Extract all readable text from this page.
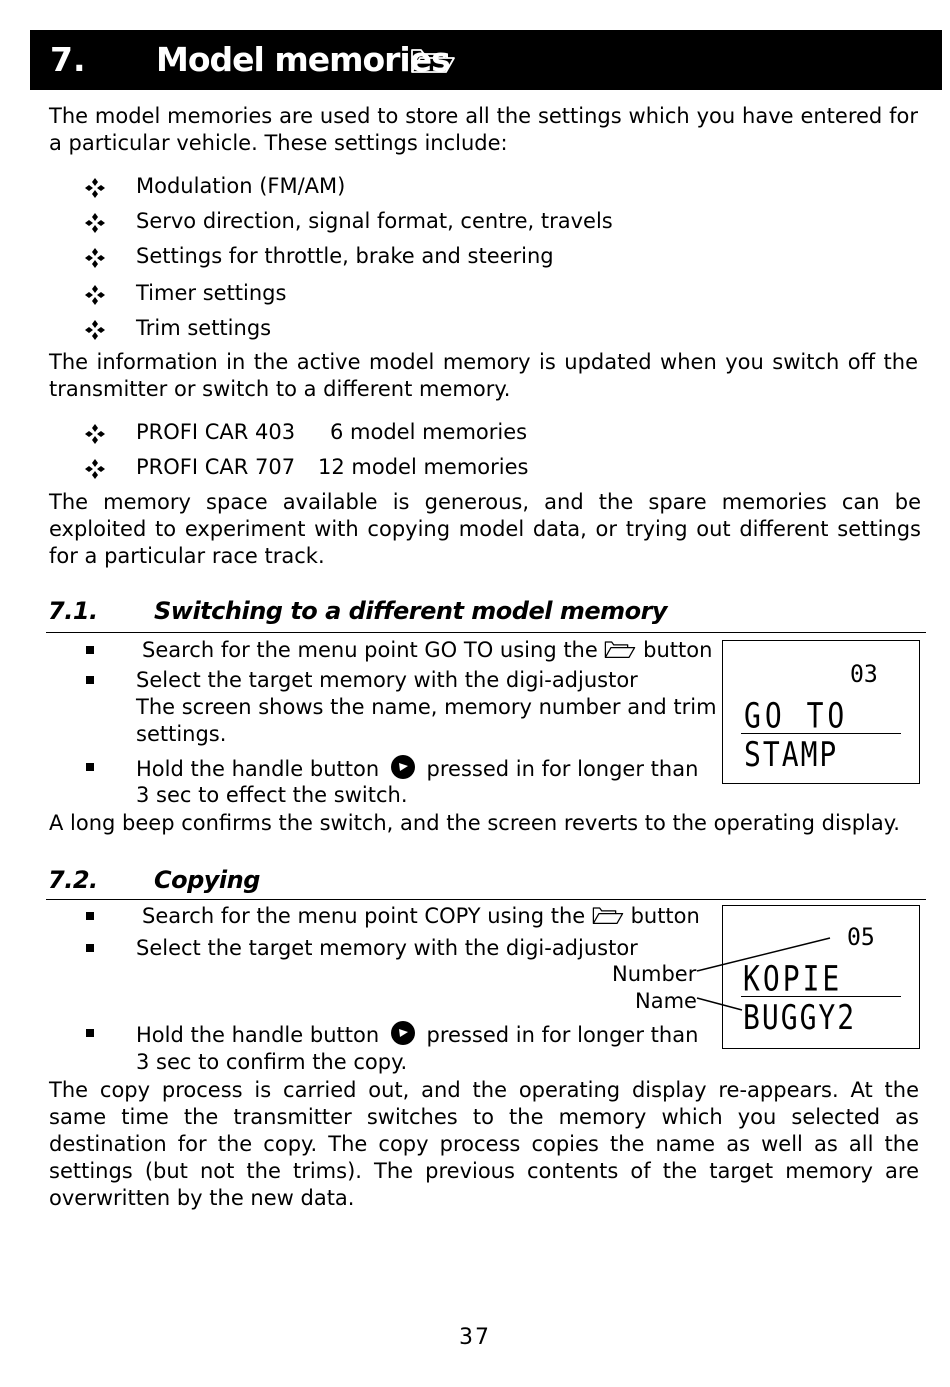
7. Model memories
The model memories are used to store all the settings which you have entered for a particular vehicle. These settings include:
Modulation (FM/AM)
Servo direction, signal format, centre, travels
Settings for throttle, brake and steering
Timer settings
Trim settings
The information in the active model memory is updated when you switch off the transmitter or switch to a different memory.
PROFI CAR 403 6 model memories
PROFI CAR 707 12 model memories
The memory space available is generous, and the spare memories can be exploited to experiment with copying model data, or trying out different settings for a particular race track.
7.1. Switching to a different model memory
Search for the menu point GO TO using the button
Select the target memory with the digi-adjustor
The screen shows the name, memory number and trim
settings.
Hold the handle button pressed in for longer than
3 sec to effect the switch.
A long beep confirms the switch, and the screen reverts to the operating display.
03
GO TO
STAMP
7.2. Copying
Search for the menu point COPY using the button
Select the target memory with the digi-adjustor
Number
Name
Hold the handle button pressed in for longer than
3 sec to confirm the copy.
The copy process is carried out, and the operating display re-appears. At the same time the transmitter switches to the memory which you selected as destination for the copy. The copy process copies the name as well as all the settings (but not the trims). The previous contents of the target memory are overwritten by the new data.
05
KOPIE
BUGGY2
37
